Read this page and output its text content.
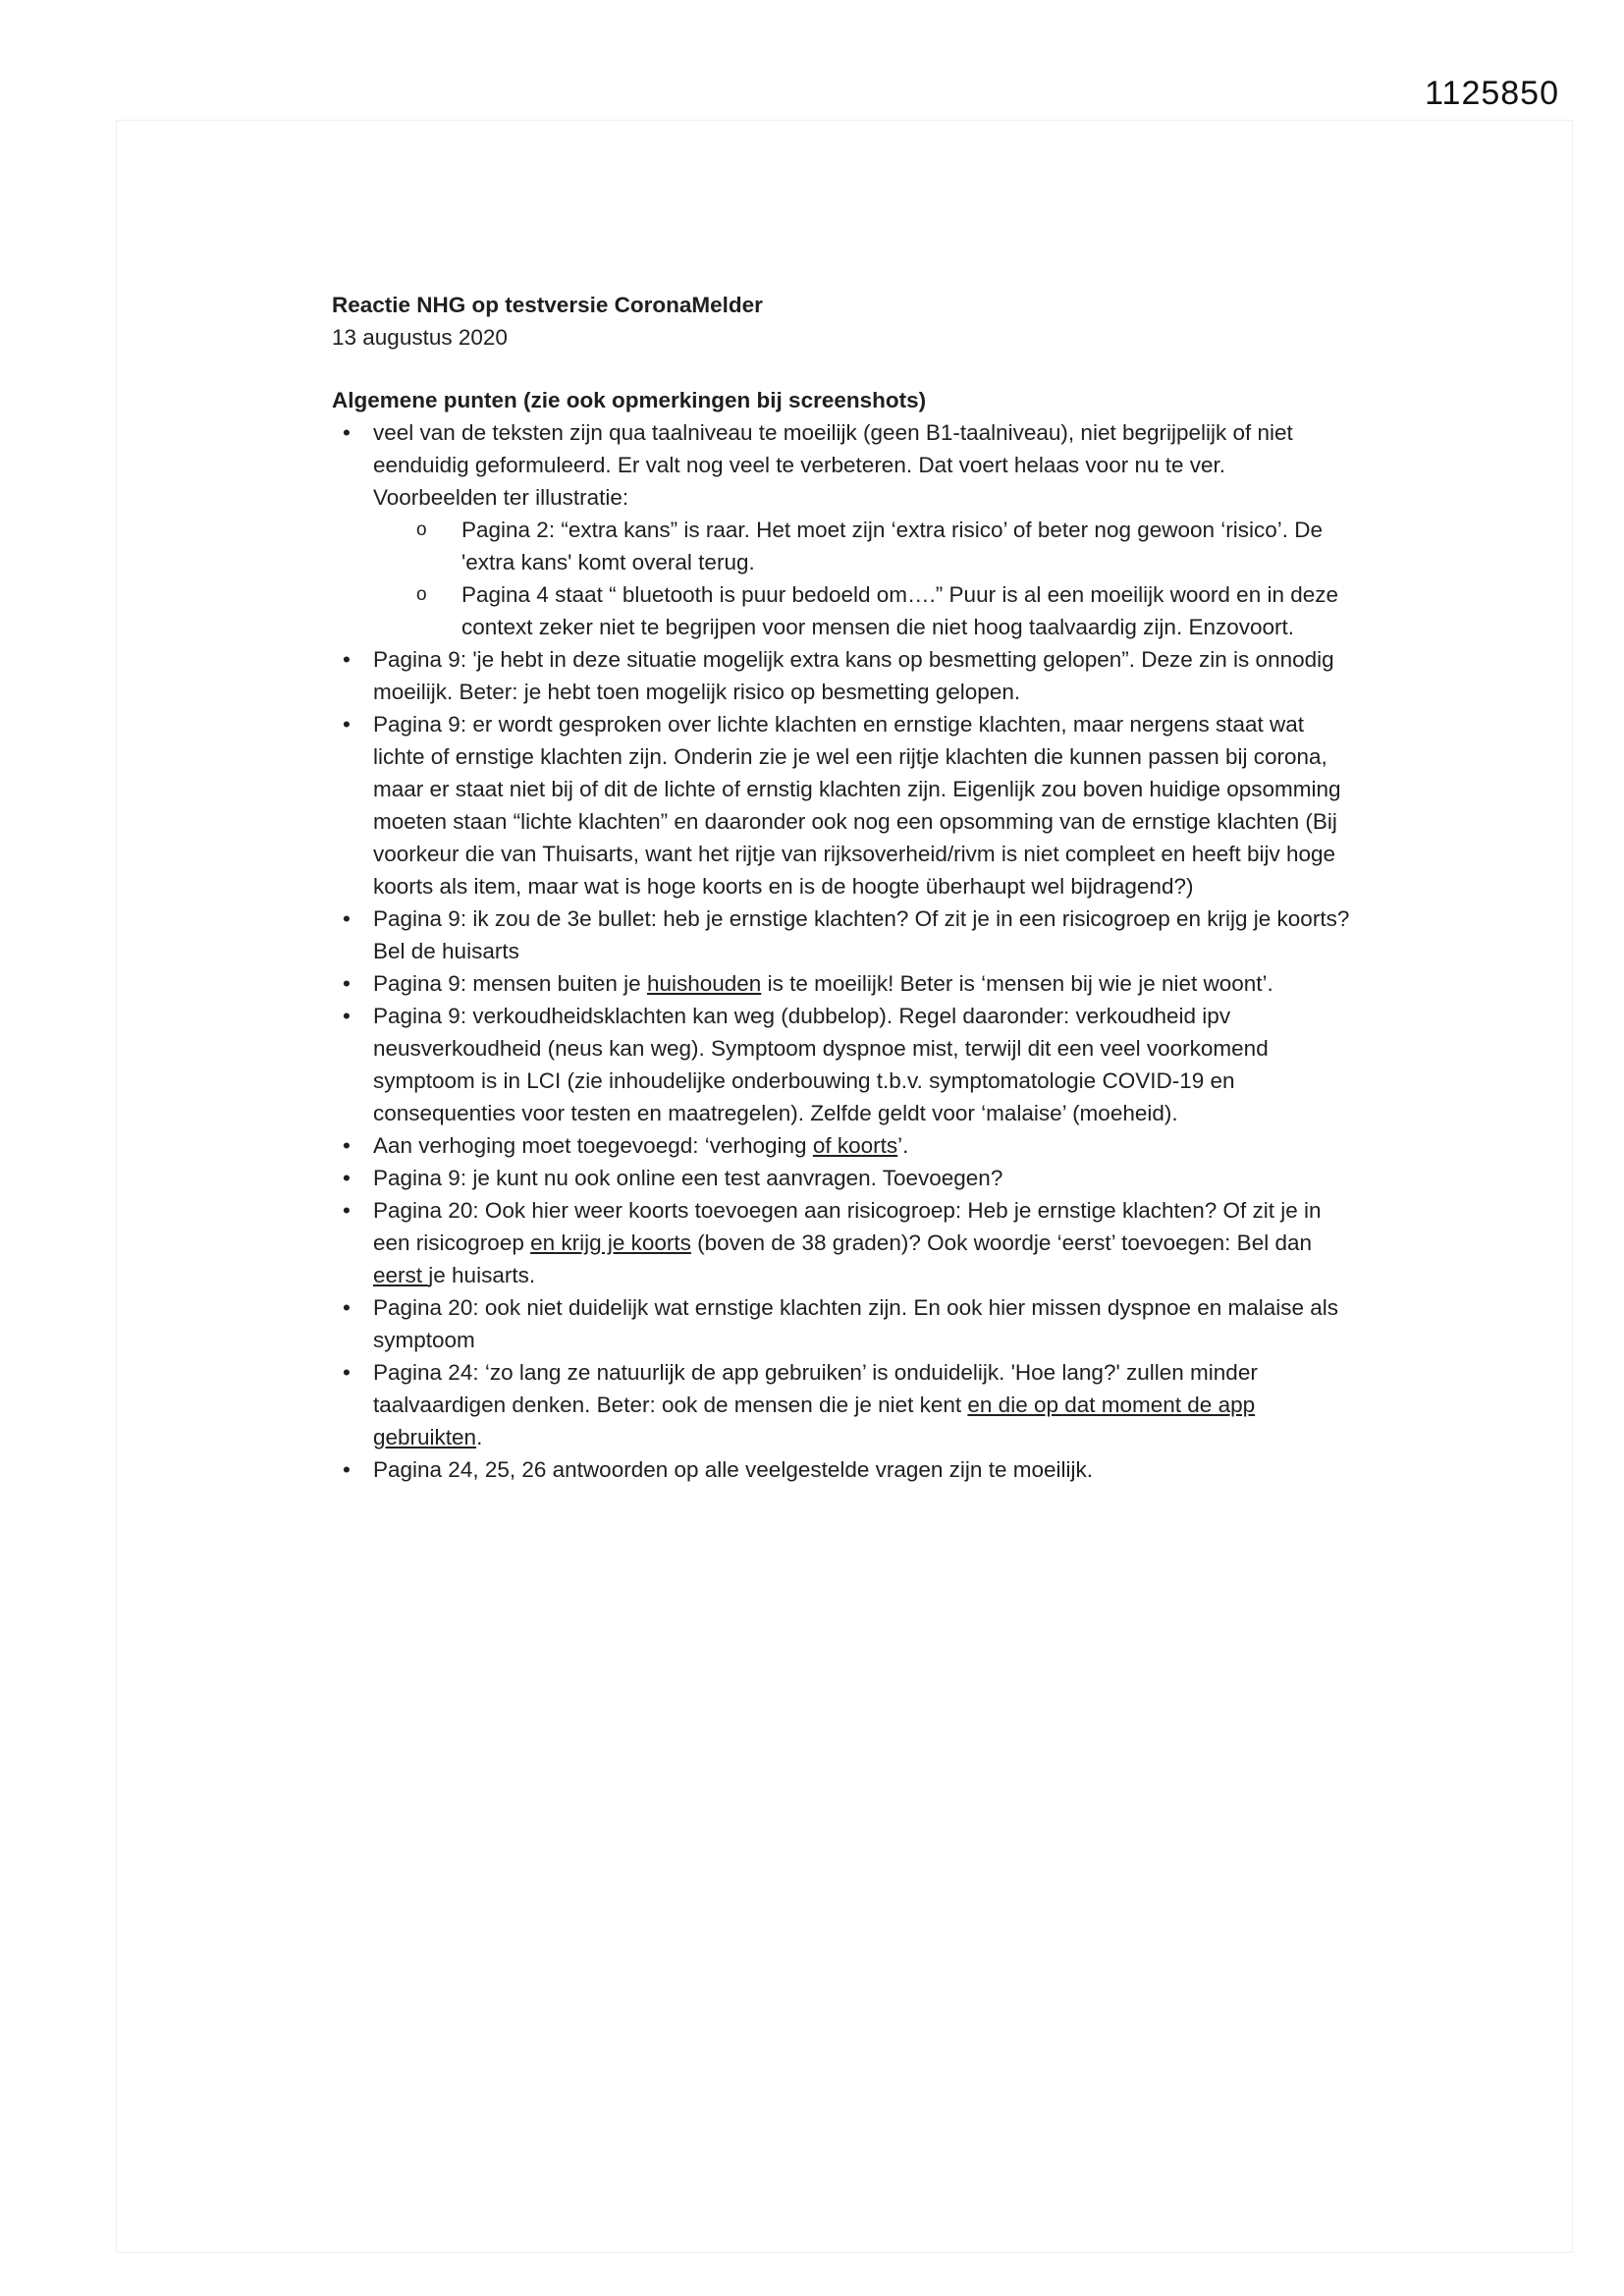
1125850
Reactie NHG op testversie CoronaMelder
13 augustus 2020
Algemene punten (zie ook opmerkingen bij screenshots)
•	veel van de teksten zijn qua taalniveau te moeilijk (geen B1-taalniveau), niet begrijpelijk of niet eenduidig geformuleerd. Er valt nog veel te verbeteren. Dat voert helaas voor nu te ver. Voorbeelden ter illustratie:
o	Pagina 2: “extra kans” is raar. Het moet zijn ‘extra risico’ of beter nog gewoon ‘risico’. De 'extra kans' komt overal terug.
o	Pagina 4 staat “ bluetooth is puur bedoeld om….” Puur is al een moeilijk woord en in deze context zeker niet te begrijpen voor mensen die niet hoog taalvaardig zijn. Enzovoort.
•	Pagina 9: 'je hebt in deze situatie mogelijk extra kans op besmetting gelopen”. Deze zin is onnodig moeilijk. Beter: je hebt toen mogelijk risico op besmetting gelopen.
•	Pagina 9: er wordt gesproken over lichte klachten en ernstige klachten, maar nergens staat wat lichte of ernstige klachten zijn. Onderin zie je wel een rijtje klachten die kunnen passen bij corona, maar er staat niet bij of dit de lichte of ernstig klachten zijn. Eigenlijk zou boven huidige opsomming moeten staan “lichte klachten” en daaronder ook nog een opsomming van de ernstige klachten (Bij voorkeur die van Thuisarts, want het rijtje van rijksoverheid/rivm is niet compleet en heeft bijv hoge koorts als item, maar wat is hoge koorts en is de hoogte überhaupt wel bijdragend?)
•	Pagina 9: ik zou de 3e bullet: heb je ernstige klachten? Of zit je in een risicogroep en krijg je koorts? Bel de huisarts
•	Pagina 9: mensen buiten je huishouden is te moeilijk! Beter is ‘mensen bij wie je niet woont’.
•	Pagina 9: verkoudheidsklachten kan weg (dubbelop). Regel daaronder: verkoudheid ipv neusverkoudheid (neus kan weg). Symptoom dyspnoe mist, terwijl dit een veel voorkomend symptoom is in LCI (zie inhoudelijke onderbouwing t.b.v. symptomatologie COVID-19 en consequenties voor testen en maatregelen). Zelfde geldt voor ‘malaise’ (moeheid).
•	Aan verhoging moet toegevoegd: ‘verhoging of koorts’.
•	Pagina 9: je kunt nu ook online een test aanvragen. Toevoegen?
•	Pagina 20: Ook hier weer koorts toevoegen aan risicogroep: Heb je ernstige klachten? Of zit je in een risicogroep en krijg je koorts (boven de 38 graden)? Ook woordje ‘eerst’ toevoegen: Bel dan eerst je huisarts.
•	Pagina 20: ook niet duidelijk wat ernstige klachten zijn. En ook hier missen dyspnoe en malaise als symptoom
•	Pagina 24: ‘zo lang ze natuurlijk de app gebruiken’ is onduidelijk. 'Hoe lang?' zullen minder taalvaardigen denken. Beter: ook de mensen die je niet kent en die op dat moment de app gebruikten.
•	Pagina 24, 25, 26 antwoorden op alle veelgestelde vragen zijn te moeilijk.
